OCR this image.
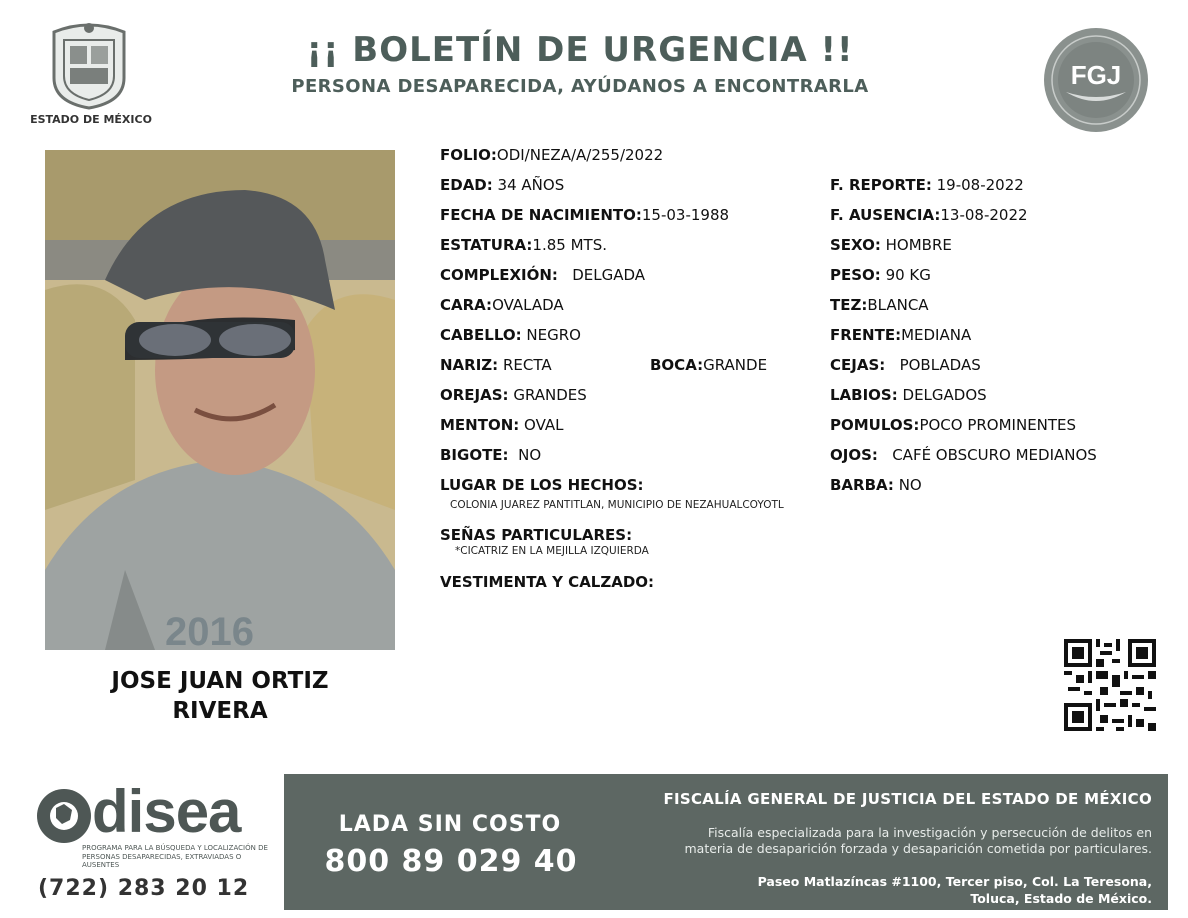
ESTADO DE MÉXICO
¡¡ BOLETÍN DE URGENCIA !!
PERSONA DESAPARECIDA, AYÚDANOS A ENCONTRARLA	FGJ
2016
JOSE JUAN ORTIZ
RIVERA
FOLIO:ODI/NEZA/A/255/2022
EDAD: 34 AÑOS	F. REPORTE: 19-08-2022
FECHA DE NACIMIENTO:15-03-1988	F. AUSENCIA:13-08-2022
ESTATURA:1.85 MTS.	SEXO: HOMBRE
COMPLEXIÓN: DELGADA	PESO: 90 KG
CARA:OVALADA	TEZ:BLANCA
CABELLO: NEGRO	FRENTE:MEDIANA
NARIZ: RECTA	BOCA:GRANDE	CEJAS: POBLADAS
OREJAS: GRANDES	LABIOS: DELGADOS
MENTON: OVAL	POMULOS:POCO PROMINENTES
BIGOTE: NO	OJOS: CAFÉ OBSCURO MEDIANOS
LUGAR DE LOS HECHOS:	BARBA: NO
COLONIA JUAREZ PANTITLAN, MUNICIPIO DE NEZAHUALCOYOTL
SEÑAS PARTICULARES:
*CICATRIZ EN LA MEJILLA IZQUIERDA
VESTIMENTA Y CALZADO:
disea
PROGRAMA PARA LA BÚSQUEDA Y LOCALIZACIÓN DE PERSONAS DESAPARECIDAS, EXTRAVIADAS O AUSENTES
(722) 283 20 12
LADA SIN COSTO
800 89 029 40
FISCALÍA GENERAL DE JUSTICIA DEL ESTADO DE MÉXICO
Fiscalía especializada para la investigación y persecución de delitos en
materia de desaparición forzada y desaparición cometida por particulares.
Paseo Matlazíncas #1100, Tercer piso, Col. La Teresona,
Toluca, Estado de México.
